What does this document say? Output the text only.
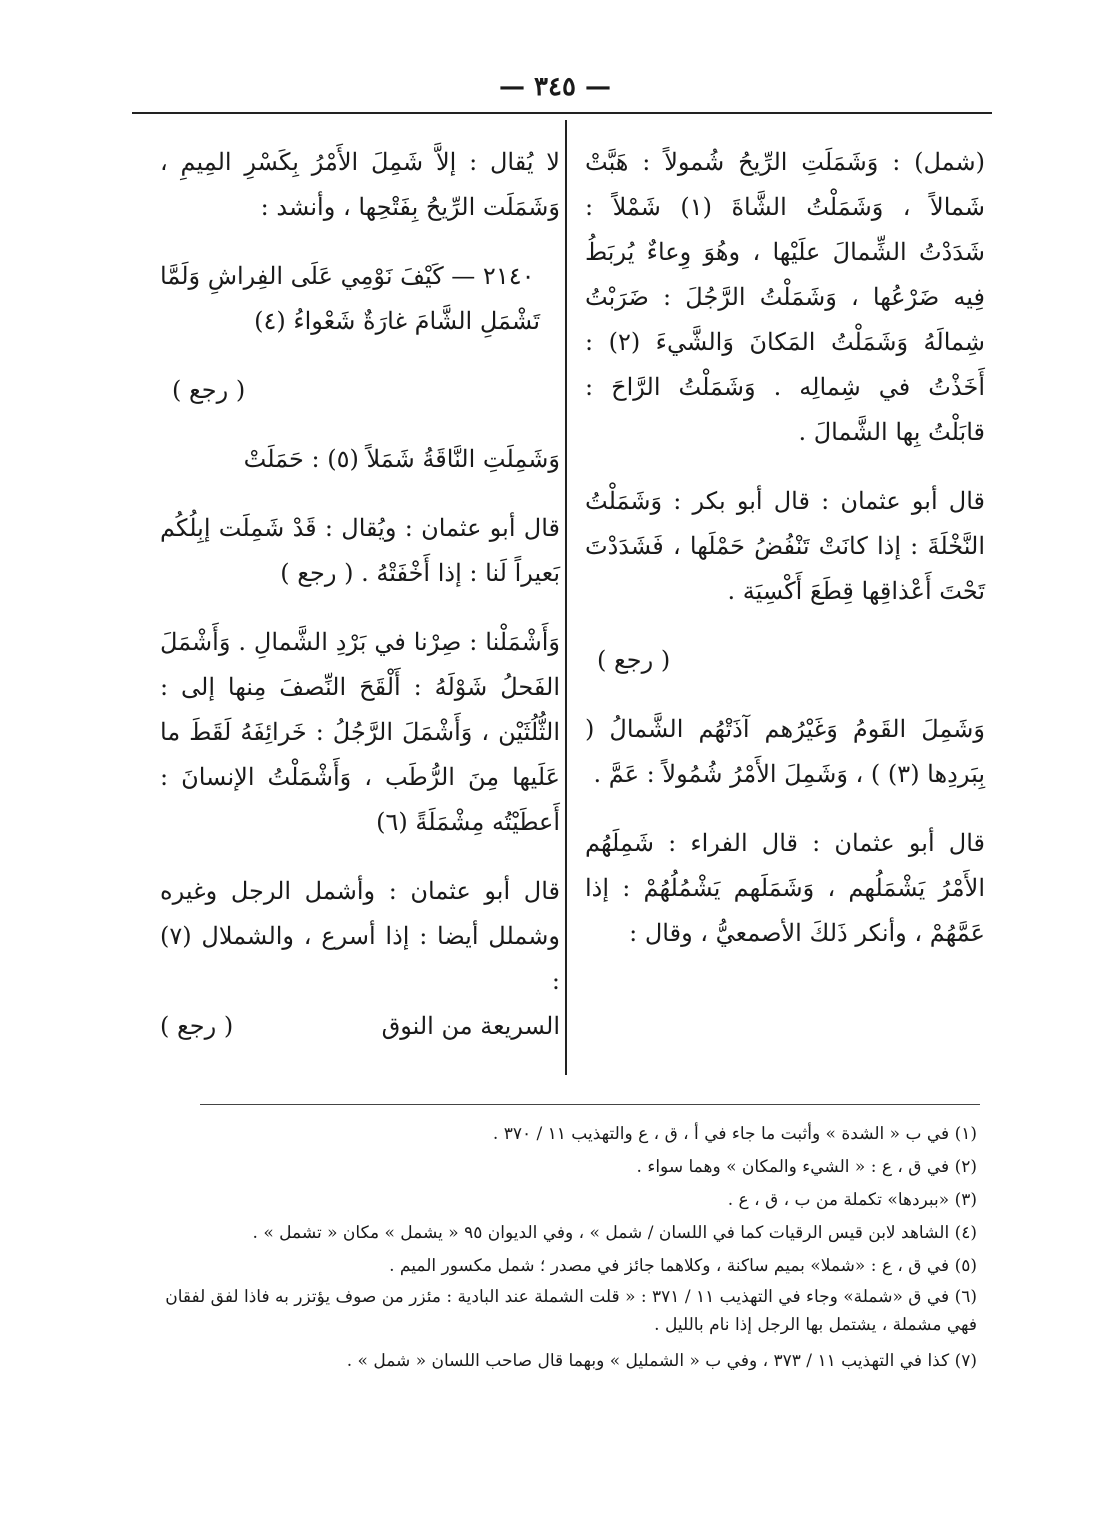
— ٣٤٥ —

(شمل) : وَشَمَلَتِ الرِّيحُ شُمولاً : هَبَّتْ شَمالاً ، وَشَمَلْتُ الشَّاةَ (١) شَمْلاً : شَدَدْتُ الشِّمالَ علَيْها ، وهُوَ وِعاءٌ يُربَطُ فِيه ضَرْعُها ، وَشَمَلْتُ الرَّجُلَ : ضَرَبْتُ شِمالَهُ وَشَمَلْتُ المَكانَ وَالشَّيءَ (٢) : أَخَذْتُ في شِمالِه . وَشَمَلْتُ الرَّاحَ : قابَلْتُ بِها الشَّمالَ .

قال أبو عثمان : قال أبو بكر : وَشَمَلْتُ النَّخْلَةَ : إذا كانَتْ تَنْفُضُ حَمْلَها ، فَشَدَدْتَ تَحْتَ أَعْذاقِها قِطَعَ أَكْسِيَة .

( رجع )

وَشَمِلَ القَومُ وَغَيْرُهم آذَتْهُم الشَّمالُ ( بِبَردِها (٣) ) ، وَشَمِلَ الأَمْرُ شُمُولاً : عَمَّ .

قال أبو عثمان : قال الفراء : شَمِلَهُم الأَمْرُ يَشْمَلُهم ، وَشَمَلَهم يَشْمُلُهُمْ : إذا عَمَّهُمْ ، وأنكر ذَلكَ الأصمعيُّ ، وقال :

لا يُقال : إلاَّ شَمِلَ الأَمْرُ بِكَسْرِ المِيمِ ، وَشَمَلَت الرِّيحُ بِفَتْحِها ، وأنشد :

٢١٤٠ — كَيْفَ نَوْمِي عَلَى الفِراشِ وَلَمَّا
تَشْمَلِ الشَّامَ غارَةٌ شَعْواءُ (٤)

( رجع )

وَشَمِلَتِ النَّاقَةُ شَمَلاً (٥) : حَمَلَتْ

قال أبو عثمان : ويُقال : قَدْ شَمِلَت إبِلُكُم بَعيراً لَنا : إذا أَخْفَتْهُ . ( رجع )

وَأَشْمَلْنا : صِرْنا في بَرْدِ الشَّمالِ . وَأَشْمَلَ الفَحلُ شَوْلَهُ : أَلْقَحَ النِّصفَ مِنها إلى : الثُّلُثَيْن ، وَأَشْمَلَ الرَّجُلُ : خَرائِفَهُ لَقَطَ ما عَلَيها مِنَ الرُّطَب ، وَأَشْمَلْتُ الإنسانَ : أَعطَيْتُه مِشْمَلَةً (٦)

قال أبو عثمان : وأشمل الرجل وغيره وشملل أيضا : إذا أسرع ، والشملال (٧) :

السريعة من النوق
( رجع )
(١) في ب « الشدة » وأثبت ما جاء في أ ، ق ، ع والتهذيب ١١ / ٣٧٠ .
(٢) في ق ، ع : « الشيء والمكان » وهما سواء .
(٣) «ببردها» تكملة من ب ، ق ، ع .
(٤) الشاهد لابن قيس الرقيات كما في اللسان / شمل » ، وفي الديوان ٩٥ « يشمل » مكان « تشمل » .
(٥) في ق ، ع : «شملا» بميم ساكنة ، وكلاهما جائز في مصدر ؛ شمل مكسور الميم .
(٦) في ق «شملة» وجاء في التهذيب ١١ / ٣٧١ : « قلت الشملة عند البادية : مئزر من صوف يؤتزر به فاذا لفق لفقان فهي مشملة ، يشتمل بها الرجل إذا نام بالليل .
(٧) كذا في التهذيب ١١ / ٣٧٣ ، وفي ب « الشمليل » وبهما قال صاحب اللسان « شمل » .
